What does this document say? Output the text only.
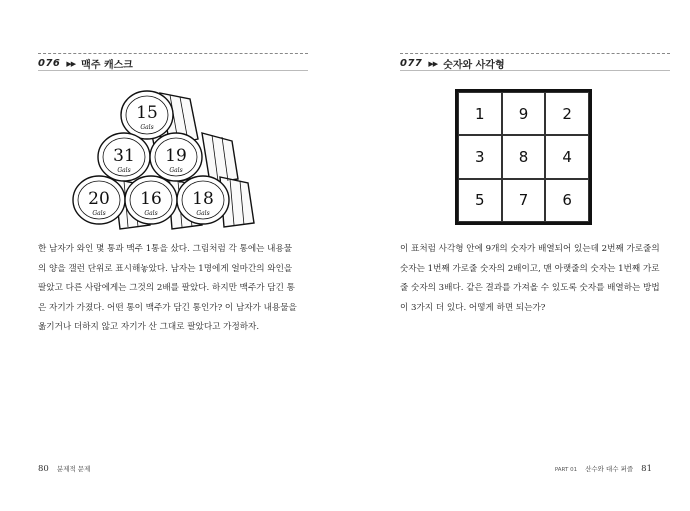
076 ▶▶ 맥주 캐스크
15
Gals
31
Gals
19
Gals
20
Gals
16
Gals
18
Gals

한 남자가 와인 몇 통과 맥주 1통을 샀다. 그림처럼 각 통에는 내용물

의 양을 갤런 단위로 표시해놓았다. 남자는 1명에게 얼마간의 와인을

팔았고 다른 사람에게는 그것의 2배를 팔았다. 하지만 맥주가 담긴 통

은 자기가 가졌다. 어떤 통이 맥주가 담긴 통인가? 이 남자가 내용물을

옮기거나 더하지 않고 자기가 산 그대로 팔았다고 가정하자.

80 분제적 문제
077 ▶▶ 숫자와 사각형
1	9	2
3	8	4
5	7	6

이 표처럼 사각형 안에 9개의 숫자가 배열되어 있는데 2번째 가로줄의

숫자는 1번째 가로줄 숫자의 2배이고, 맨 아랫줄의 숫자는 1번째 가로

줄 숫자의 3배다. 같은 결과를 가져올 수 있도록 숫자를 배열하는 방법

이 3가지 더 있다. 어떻게 하면 되는가?

PART 01 산수와 대수 퍼즐 81
